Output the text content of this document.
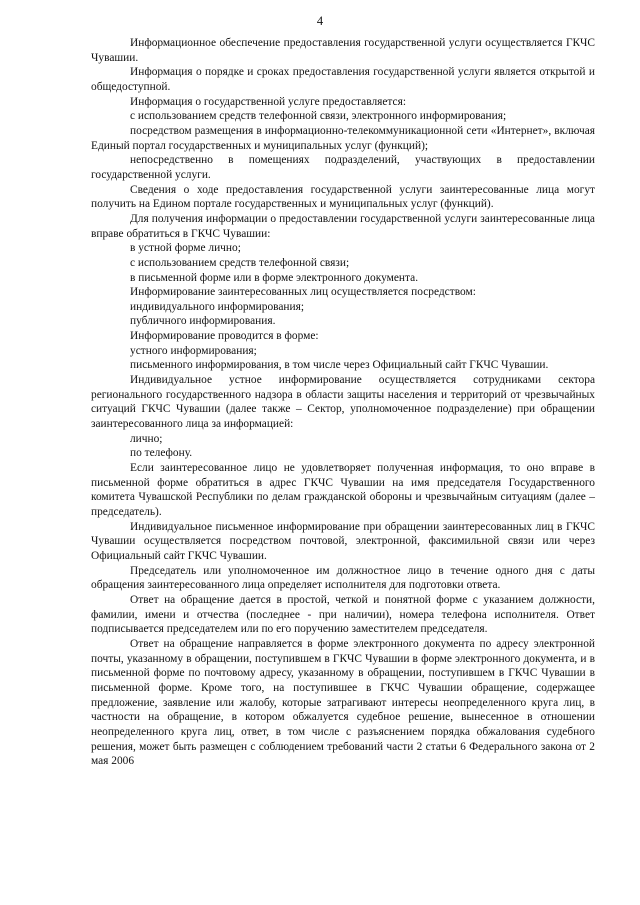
4

Информационное обеспечение предоставления государственной услуги осуществляется ГКЧС Чувашии.

Информация о порядке и сроках предоставления государственной услуги является открытой и общедоступной.

Информация о государственной услуге предоставляется:

с использованием средств телефонной связи, электронного информирования;

посредством размещения в информационно-телекоммуникационной сети «Интернет», включая Единый портал государственных и муниципальных услуг (функций);

непосредственно в помещениях подразделений, участвующих в предоставлении государственной услуги.

Сведения о ходе предоставления государственной услуги заинтересованные лица могут получить на Едином портале государственных и муниципальных услуг (функций).

Для получения информации о предоставлении государственной услуги заинтересованные лица вправе обратиться в ГКЧС Чувашии:

в устной форме лично;

с использованием средств телефонной связи;

в письменной форме или в форме электронного документа.

Информирование заинтересованных лиц осуществляется посредством:

индивидуального информирования;

публичного информирования.

Информирование проводится в форме:

устного информирования;

письменного информирования, в том числе через Официальный сайт ГКЧС Чувашии.

Индивидуальное устное информирование осуществляется сотрудниками сектора регионального государственного надзора в области защиты населения и территорий от чрезвычайных ситуаций ГКЧС Чувашии (далее также – Сектор, уполномоченное подразделение) при обращении заинтересованного лица за информацией:

лично;

по телефону.

Если заинтересованное лицо не удовлетворяет полученная информация, то оно вправе в письменной форме обратиться в адрес ГКЧС Чувашии на имя председателя Государственного комитета Чувашской Республики по делам гражданской обороны и чрезвычайным ситуациям (далее – председатель).

Индивидуальное письменное информирование при обращении заинтересованных лиц в ГКЧС Чувашии осуществляется посредством почтовой, электронной, факсимильной связи или через Официальный сайт ГКЧС Чувашии.

Председатель или уполномоченное им должностное лицо в течение одного дня с даты обращения заинтересованного лица определяет исполнителя для подготовки ответа.

Ответ на обращение дается в простой, четкой и понятной форме с указанием должности, фамилии, имени и отчества (последнее - при наличии), номера телефона исполнителя. Ответ подписывается председателем или по его поручению заместителем председателя.

Ответ на обращение направляется в форме электронного документа по адресу электронной почты, указанному в обращении, поступившем в ГКЧС Чувашии в форме электронного документа, и в письменной форме по почтовому адресу, указанному в обращении, поступившем в ГКЧС Чувашии в письменной форме. Кроме того, на поступившее в ГКЧС Чувашии обращение, содержащее предложение, заявление или жалобу, которые затрагивают интересы неопределенного круга лиц, в частности на обращение, в котором обжалуется судебное решение, вынесенное в отношении неопределенного круга лиц, ответ, в том числе с разъяснением порядка обжалования судебного решения, может быть размещен с соблюдением требований части 2 статьи 6 Федерального закона от 2 мая 2006
